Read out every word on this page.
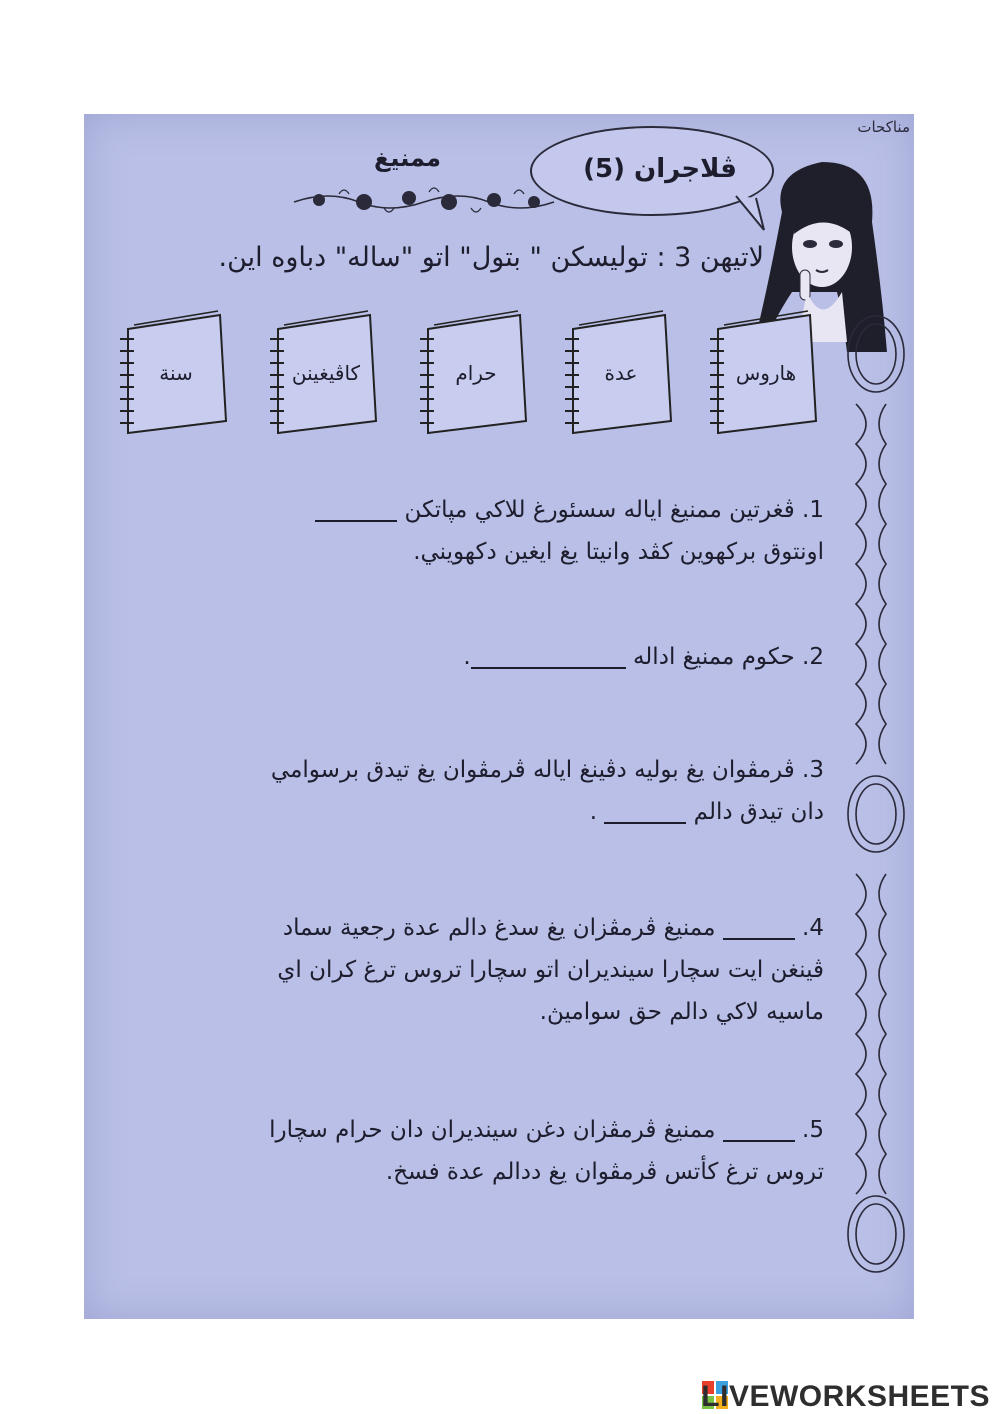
مناكحات
ممنيغ	ڤلاجران (5)
لاتيهن 3 : توليسكن " بتول" اتو "ساله" دباوه اين.
هاروس
عدة
حرام
كاڤيغينن
سنة
1. ڤغرتين ممنيغ اياله سسئورغ للاكي مپاتكن
اونتوق بركهوين كڤد وانيتا يغ ايغين دكهويني.
2. حكوم ممنيغ اداله .
3. ڤرمڤوان يغ بوليه دڤينغ اياله ڤرمڤوان يغ تيدق برسوامي
دان تيدق دالم  .
4.  ممنيغ ڤرمڤزان يغ سدغ دالم عدة رجعية سماد
ڤينغن ايت سچارا سينديران اتو سچارا تروس ترغ كران اي
ماسيه لاكي دالم حق سواميڽ.
5.  ممنيغ ڤرمڤزان دغن سينديران دان حرام سچارا
تروس ترغ كأتس ڤرمڤوان يغ ددالم عدة فسخ.
LIVEWORKSHEETS
